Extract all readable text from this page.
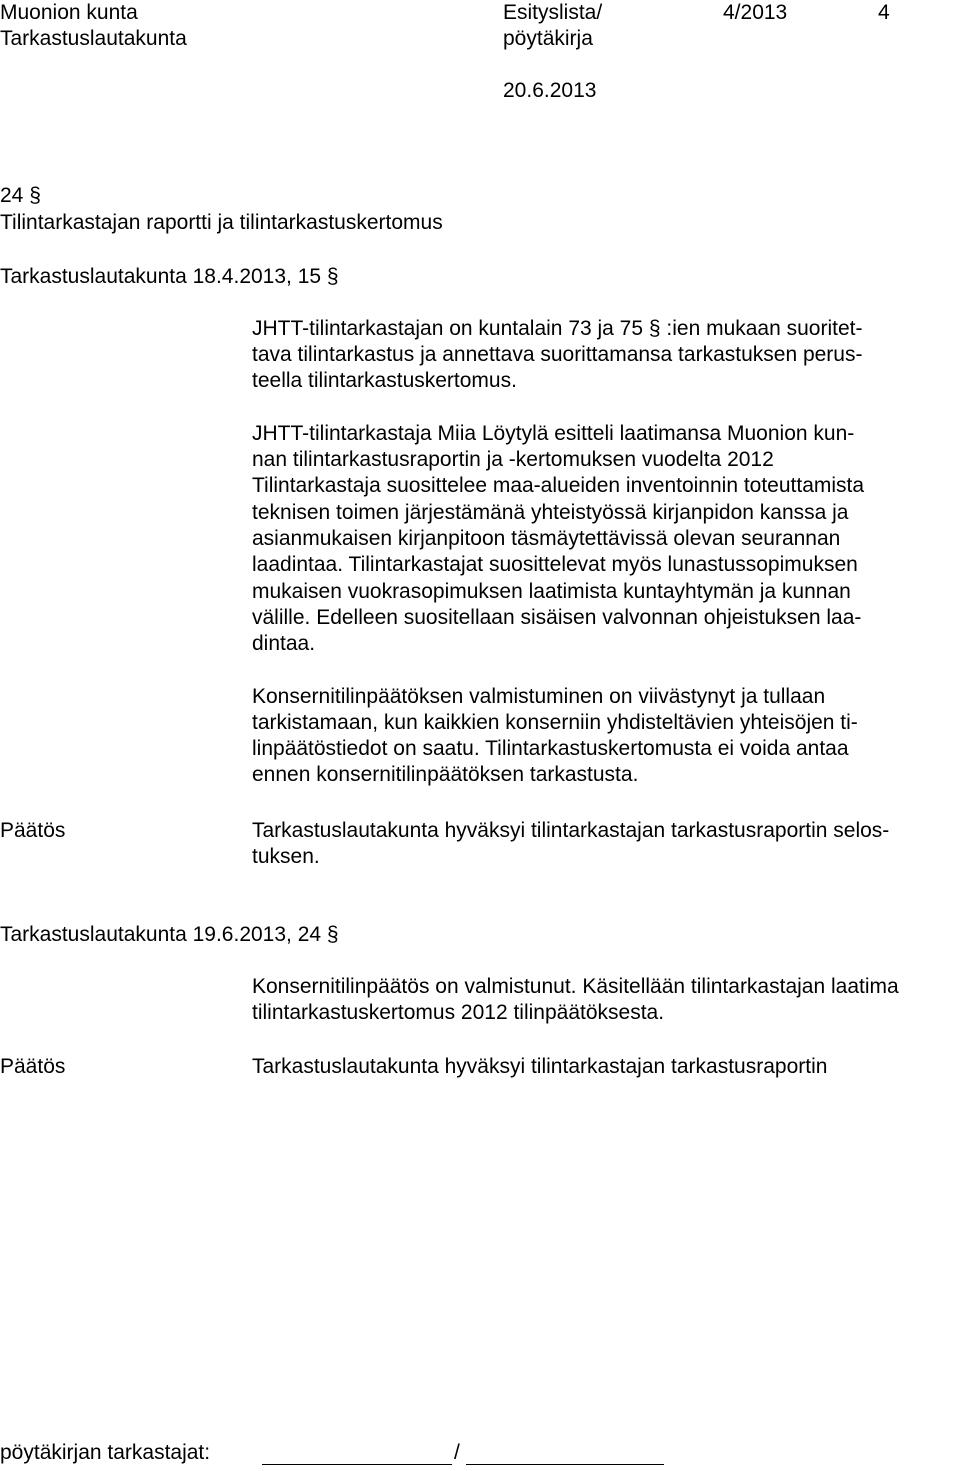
Muonion kunta
Tarkastuslautakunta
Esityslista/
pöytäkirja
4/2013	4
20.6.2013
24 §
Tilintarkastajan raportti ja tilintarkastuskertomus
Tarkastuslautakunta 18.4.2013, 15 §
JHTT-tilintarkastajan on kuntalain 73 ja 75 § :ien mukaan suoritet-
tava tilintarkastus ja annettava suorittamansa tarkastuksen perus-
teella tilintarkastuskertomus.
JHTT-tilintarkastaja Miia Löytylä esitteli laatimansa Muonion kun-
nan tilintarkastusraportin ja -kertomuksen vuodelta 2012
Tilintarkastaja suosittelee maa-alueiden inventoinnin toteuttamista
teknisen toimen järjestämänä yhteistyössä kirjanpidon kanssa ja
asianmukaisen kirjanpitoon täsmäytettävissä olevan seurannan
laadintaa. Tilintarkastajat suosittelevat myös lunastussopimuksen
mukaisen vuokrasopimuksen laatimista kuntayhtymän ja kunnan
välille. Edelleen suositellaan sisäisen valvonnan ohjeistuksen laa-
dintaa.
Konsernitilinpäätöksen valmistuminen on viivästynyt ja tullaan
tarkistamaan, kun kaikkien konserniin yhdisteltävien yhteisöjen ti-
linpäätöstiedot on saatu. Tilintarkastuskertomusta ei voida antaa
ennen konsernitilinpäätöksen tarkastusta.
Päätös	Tarkastuslautakunta hyväksyi tilintarkastajan tarkastusraportin selos-
tuksen.
Tarkastuslautakunta 19.6.2013, 24 §
Konsernitilinpäätös on valmistunut. Käsitellään tilintarkastajan laatima
tilintarkastuskertomus 2012 tilinpäätöksesta.
Päätös	Tarkastuslautakunta hyväksyi tilintarkastajan tarkastusraportin
pöytäkirjan tarkastajat:	/
